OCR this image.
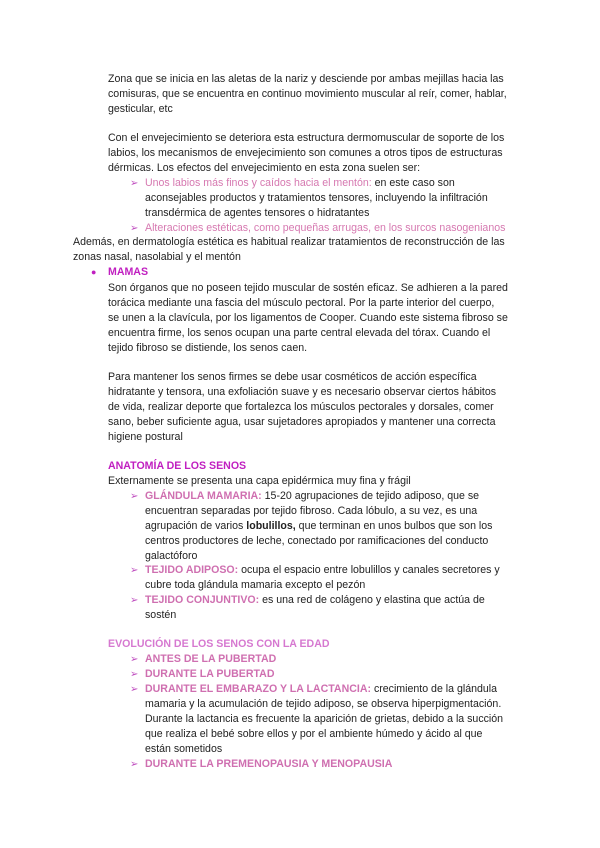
Zona que se inicia en las aletas de la nariz y desciende por ambas mejillas hacia las

comisuras, que se encuentra en continuo movimiento muscular al reír, comer, hablar,

gesticular, etc

Con el envejecimiento se deteriora esta estructura dermomuscular de soporte de los

labios, los mecanismos de envejecimiento son comunes a otros tipos de estructuras

dérmicas. Los efectos del envejecimiento en esta zona suelen ser:

➢ Unos labios más finos y caídos hacia el mentón: en este caso son

aconsejables productos y tratamientos tensores, incluyendo la infiltración

transdérmica de agentes tensores o hidratantes

➢ Alteraciones estéticas, como pequeñas arrugas, en los surcos nasogenianos

Además, en dermatología estética es habitual realizar tratamientos de reconstrucción de las

zonas nasal, nasolabial y el mentón

● MAMAS

Son órganos que no poseen tejido muscular de sostén eficaz. Se adhieren a la pared

torácica mediante una fascia del músculo pectoral. Por la parte interior del cuerpo,

se unen a la clavícula, por los ligamentos de Cooper. Cuando este sistema fibroso se

encuentra firme, los senos ocupan una parte central elevada del tórax. Cuando el

tejido fibroso se distiende, los senos caen.

Para mantener los senos firmes se debe usar cosméticos de acción específica

hidratante y tensora, una exfoliación suave y es necesario observar ciertos hábitos

de vida, realizar deporte que fortalezca los músculos pectorales y dorsales, comer

sano, beber suficiente agua, usar sujetadores apropiados y mantener una correcta

higiene postural

ANATOMÍA DE LOS SENOS

Externamente se presenta una capa epidérmica muy fina y frágil

➢ GLÁNDULA MAMARIA: 15-20 agrupaciones de tejido adiposo, que se

encuentran separadas por tejido fibroso. Cada lóbulo, a su vez, es una

agrupación de varios lobulillos, que terminan en unos bulbos que son los

centros productores de leche, conectado por ramificaciones del conducto

galactóforo

➢ TEJIDO ADIPOSO: ocupa el espacio entre lobulillos y canales secretores y

cubre toda glándula mamaria excepto el pezón

➢ TEJIDO CONJUNTIVO: es una red de colágeno y elastina que actúa de

sostén

EVOLUCIÓN DE LOS SENOS CON LA EDAD

➢ ANTES DE LA PUBERTAD

➢ DURANTE LA PUBERTAD

➢ DURANTE EL EMBARAZO Y LA LACTANCIA: crecimiento de la glándula

mamaria y la acumulación de tejido adiposo, se observa hiperpigmentación.

Durante la lactancia es frecuente la aparición de grietas, debido a la succión

que realiza el bebé sobre ellos y por el ambiente húmedo y ácido al que

están sometidos

➢ DURANTE LA PREMENOPAUSIA Y MENOPAUSIA
